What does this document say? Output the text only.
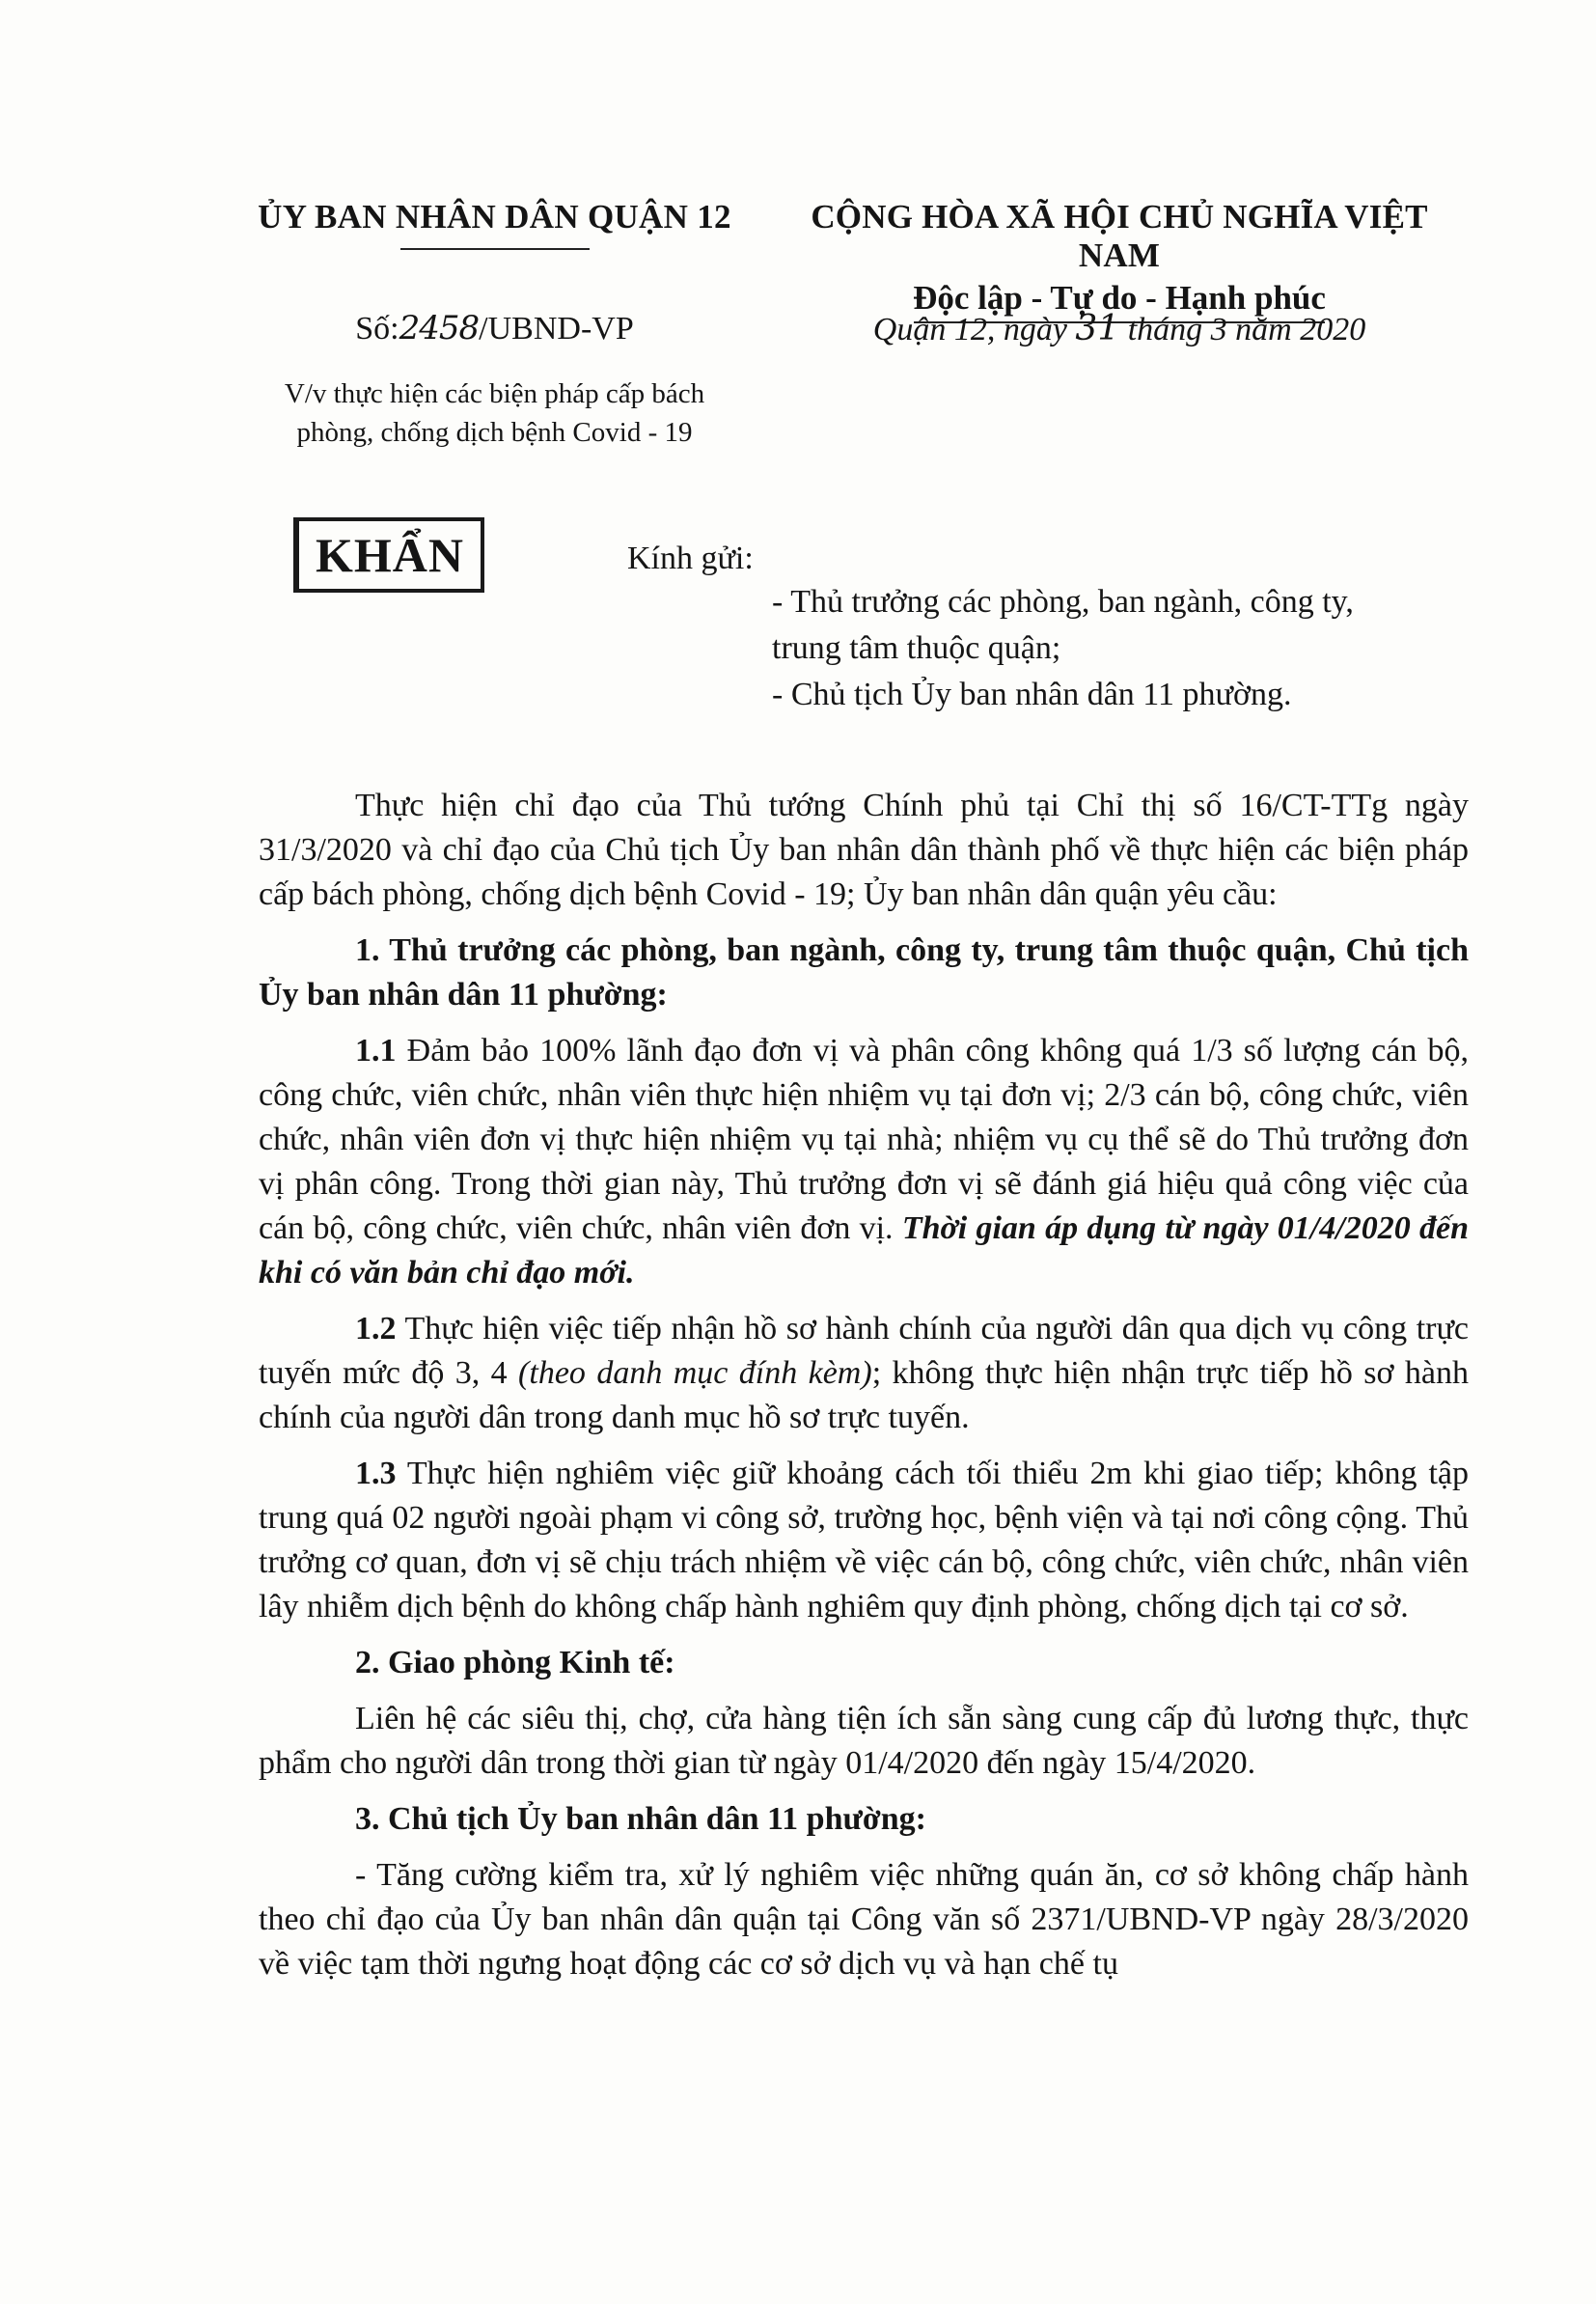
ỦY BAN NHÂN DÂN QUẬN 12	CỘNG HÒA XÃ HỘI CHỦ NGHĨA VIỆT NAM
Độc lập - Tự do - Hạnh phúc
Số:2458/UBND-VP
V/v thực hiện các biện pháp cấp bách
phòng, chống dịch bệnh Covid - 19
Quận 12, ngày 31 tháng 3 năm 2020
KHẨN	Kính gửi:
- Thủ trưởng các phòng, ban ngành, công ty,
trung tâm thuộc quận;
- Chủ tịch Ủy ban nhân dân 11 phường.

Thực hiện chỉ đạo của Thủ tướng Chính phủ tại Chỉ thị số 16/CT-TTg ngày 31/3/2020 và chỉ đạo của Chủ tịch Ủy ban nhân dân thành phố về thực hiện các biện pháp cấp bách phòng, chống dịch bệnh Covid - 19; Ủy ban nhân dân quận yêu cầu:

1. Thủ trưởng các phòng, ban ngành, công ty, trung tâm thuộc quận, Chủ tịch Ủy ban nhân dân 11 phường:

1.1 Đảm bảo 100% lãnh đạo đơn vị và phân công không quá 1/3 số lượng cán bộ, công chức, viên chức, nhân viên thực hiện nhiệm vụ tại đơn vị; 2/3 cán bộ, công chức, viên chức, nhân viên đơn vị thực hiện nhiệm vụ tại nhà; nhiệm vụ cụ thể sẽ do Thủ trưởng đơn vị phân công. Trong thời gian này, Thủ trưởng đơn vị sẽ đánh giá hiệu quả công việc của cán bộ, công chức, viên chức, nhân viên đơn vị. Thời gian áp dụng từ ngày 01/4/2020 đến khi có văn bản chỉ đạo mới.

1.2 Thực hiện việc tiếp nhận hồ sơ hành chính của người dân qua dịch vụ công trực tuyến mức độ 3, 4 (theo danh mục đính kèm); không thực hiện nhận trực tiếp hồ sơ hành chính của người dân trong danh mục hồ sơ trực tuyến.

1.3 Thực hiện nghiêm việc giữ khoảng cách tối thiểu 2m khi giao tiếp; không tập trung quá 02 người ngoài phạm vi công sở, trường học, bệnh viện và tại nơi công cộng. Thủ trưởng cơ quan, đơn vị sẽ chịu trách nhiệm về việc cán bộ, công chức, viên chức, nhân viên lây nhiễm dịch bệnh do không chấp hành nghiêm quy định phòng, chống dịch tại cơ sở.

2. Giao phòng Kinh tế:

Liên hệ các siêu thị, chợ, cửa hàng tiện ích sẵn sàng cung cấp đủ lương thực, thực phẩm cho người dân trong thời gian từ ngày 01/4/2020 đến ngày 15/4/2020.

3. Chủ tịch Ủy ban nhân dân 11 phường:

- Tăng cường kiểm tra, xử lý nghiêm việc những quán ăn, cơ sở không chấp hành theo chỉ đạo của Ủy ban nhân dân quận tại Công văn số 2371/UBND-VP ngày 28/3/2020 về việc tạm thời ngưng hoạt động các cơ sở dịch vụ và hạn chế tụ
